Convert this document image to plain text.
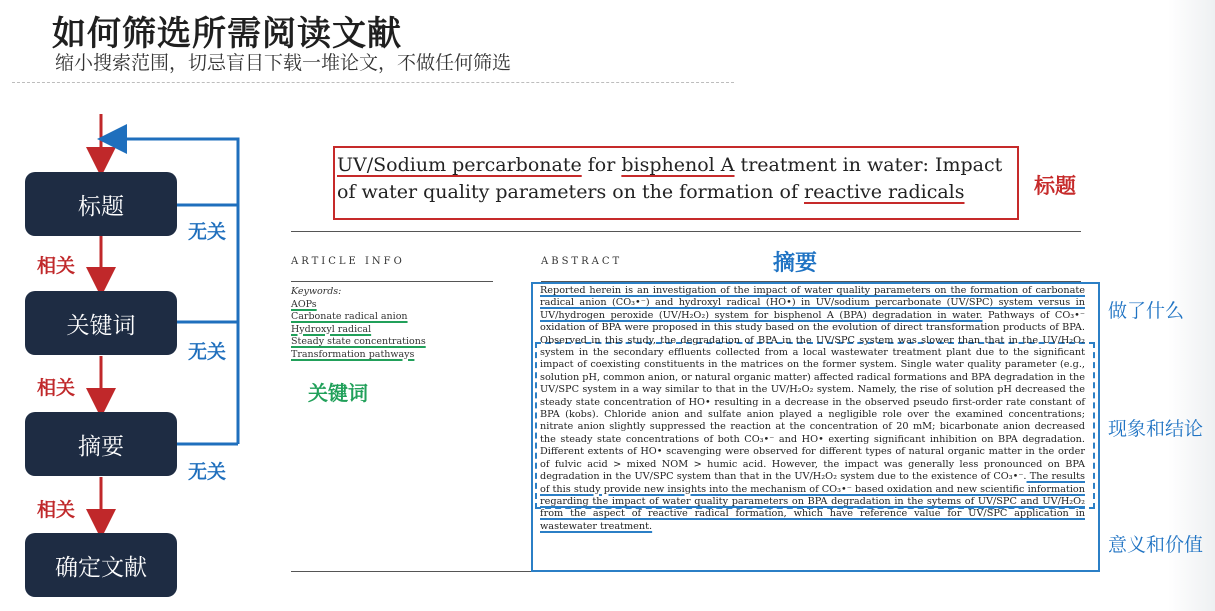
如何筛选所需阅读文献
缩小搜索范围，切忌盲目下载一堆论文，不做任何筛选
标题
关键词
摘要
确定文献
相关
相关
相关
无关
无关
无关
UV/Sodium percarbonate for bisphenol A treatment in water: Impact of water quality parameters on the formation of reactive radicals	标题
ARTICLE INFO	ABSTRACT	摘要
Keywords:
AOPs
Carbonate radical anion
Hydroxyl radical
Steady state concentrations
Transformation pathways
关键词
Reported herein is an investigation of the impact of water quality parameters on the formation of carbonate radical anion (CO₃•⁻) and hydroxyl radical (HO•) in UV/sodium percarbonate (UV/SPC) system versus in UV/hydrogen peroxide (UV/H₂O₂) system for bisphenol A (BPA) degradation in water. Pathways of CO₃•⁻ oxidation of BPA were proposed in this study based on the evolution of direct transformation products of BPA. Observed in this study, the degradation of BPA in the UV/SPC system was slower than that in the UV/H₂O₂ system in the secondary effluents collected from a local wastewater treatment plant due to the significant impact of coexisting constituents in the matrices on the former system. Single water quality parameter (e.g., solution pH, common anion, or natural organic matter) affected radical formations and BPA degradation in the UV/SPC system in a way similar to that in the UV/H₂O₂ system. Namely, the rise of solution pH decreased the steady state concentration of HO• resulting in a decrease in the observed pseudo first-order rate constant of BPA (kobs). Chloride anion and sulfate anion played a negligible role over the examined concentrations; nitrate anion slightly suppressed the reaction at the concentration of 20 mM; bicarbonate anion decreased the steady state concentrations of both CO₃•⁻ and HO• exerting significant inhibition on BPA degradation. Different extents of HO• scavenging were observed for different types of natural organic matter in the order of fulvic acid > mixed NOM > humic acid. However, the impact was generally less pronounced on BPA degradation in the UV/SPC system than that in the UV/H₂O₂ system due to the existence of CO₃•⁻. The results of this study provide new insights into the mechanism of CO₃•⁻ based oxidation and new scientific information regarding the impact of water quality parameters on BPA degradation in the sytems of UV/SPC and UV/H₂O₂ from the aspect of reactive radical formation, which have reference value for UV/SPC application in wastewater treatment.
做了什么
现象和结论
意义和价值
